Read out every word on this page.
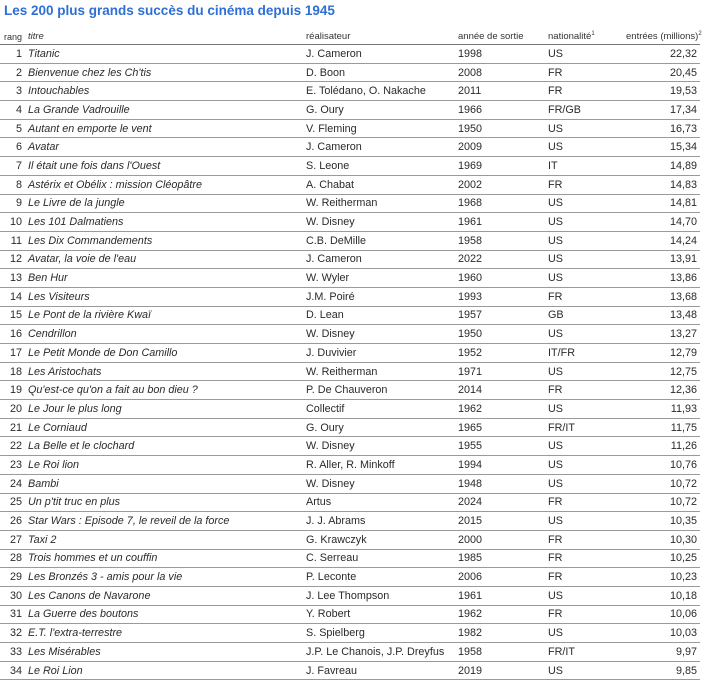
Les 200 plus grands succès du cinéma depuis 1945
rang	titre	réalisateur	année de sortie	nationalité$^1$	entrées (millions)$^2$
1	Titanic	J. Cameron	1998	US	22,32
2	Bienvenue chez les Ch'tis	D. Boon	2008	FR	20,45
3	Intouchables	E. Tolédano, O. Nakache	2011	FR	19,53
4	La Grande Vadrouille	G. Oury	1966	FR/GB	17,34
5	Autant en emporte le vent	V. Fleming	1950	US	16,73
6	Avatar	J. Cameron	2009	US	15,34
7	Il était une fois dans l'Ouest	S. Leone	1969	IT	14,89
8	Astérix et Obélix : mission Cléopâtre	A. Chabat	2002	FR	14,83
9	Le Livre de la jungle	W. Reitherman	1968	US	14,81
10	Les 101 Dalmatiens	W. Disney	1961	US	14,70
11	Les Dix Commandements	C.B. DeMille	1958	US	14,24
12	Avatar, la voie de l'eau	J. Cameron	2022	US	13,91
13	Ben Hur	W. Wyler	1960	US	13,86
14	Les Visiteurs	J.M. Poiré	1993	FR	13,68
15	Le Pont de la rivière Kwaï	D. Lean	1957	GB	13,48
16	Cendrillon	W. Disney	1950	US	13,27
17	Le Petit Monde de Don Camillo	J. Duvivier	1952	IT/FR	12,79
18	Les Aristochats	W. Reitherman	1971	US	12,75
19	Qu'est-ce qu'on a fait au bon dieu ?	P. De Chauveron	2014	FR	12,36
20	Le Jour le plus long	Collectif	1962	US	11,93
21	Le Corniaud	G. Oury	1965	FR/IT	11,75
22	La Belle et le clochard	W. Disney	1955	US	11,26
23	Le Roi lion	R. Aller, R. Minkoff	1994	US	10,76
24	Bambi	W. Disney	1948	US	10,72
25	Un p'tit truc en plus	Artus	2024	FR	10,72
26	Star Wars : Episode 7, le reveil de la force	J. J. Abrams	2015	US	10,35
27	Taxi 2	G. Krawczyk	2000	FR	10,30
28	Trois hommes et un couffin	C. Serreau	1985	FR	10,25
29	Les Bronzés 3 - amis pour la vie	P. Leconte	2006	FR	10,23
30	Les Canons de Navarone	J. Lee Thompson	1961	US	10,18
31	La Guerre des boutons	Y. Robert	1962	FR	10,06
32	E.T. l'extra-terrestre	S. Spielberg	1982	US	10,03
33	Les Misérables	J.P. Le Chanois, J.P. Dreyfus	1958	FR/IT	9,97
34	Le Roi Lion	J. Favreau	2019	US	9,85
